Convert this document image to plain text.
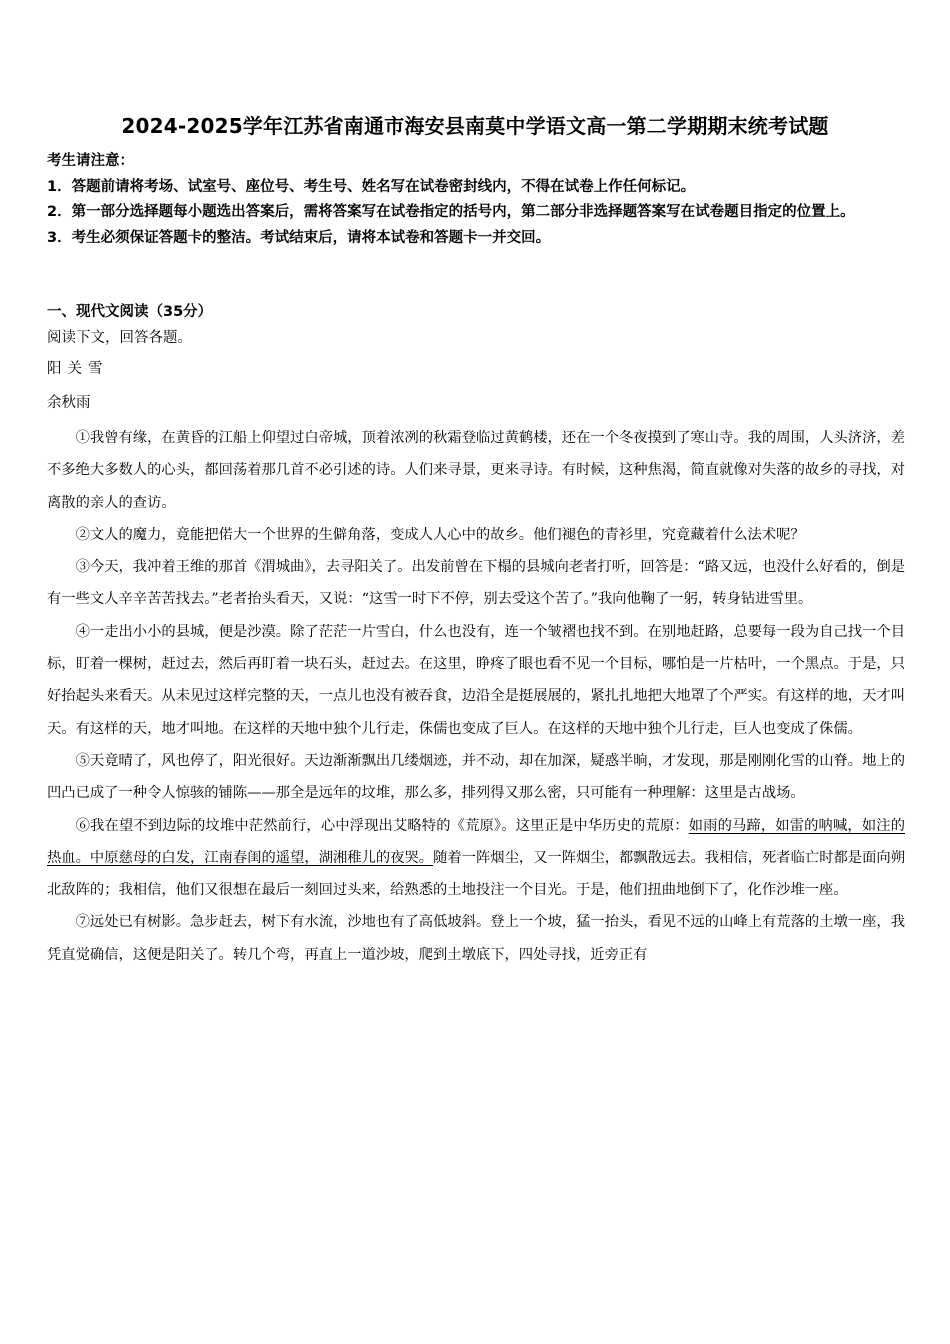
2024-2025学年江苏省南通市海安县南莫中学语文高一第二学期期末统考试题
考生请注意：
1．答题前请将考场、试室号、座位号、考生号、姓名写在试卷密封线内，不得在试卷上作任何标记。
2．第一部分选择题每小题选出答案后，需将答案写在试卷指定的括号内，第二部分非选择题答案写在试卷题目指定的位置上。
3．考生必须保证答题卡的整洁。考试结束后，请将本试卷和答题卡一并交回。
一、现代文阅读（35分）
阅读下文，回答各题。
阳关雪
余秋雨

①我曾有缘，在黄昏的江船上仰望过白帝城，顶着浓冽的秋霜登临过黄鹤楼，还在一个冬夜摸到了寒山寺。我的周围，人头济济，差不多绝大多数人的心头，都回荡着那几首不必引述的诗。人们来寻景，更来寻诗。有时候，这种焦渴，简直就像对失落的故乡的寻找，对离散的亲人的查访。

②文人的魔力，竟能把偌大一个世界的生僻角落，变成人人心中的故乡。他们褪色的青衫里，究竟藏着什么法术呢？

③今天，我冲着王维的那首《渭城曲》，去寻阳关了。出发前曾在下榻的县城向老者打听，回答是：“路又远，也没什么好看的，倒是有一些文人辛辛苦苦找去。”老者抬头看天，又说：“这雪一时下不停，别去受这个苦了。”我向他鞠了一躬，转身钻进雪里。

④一走出小小的县城，便是沙漠。除了茫茫一片雪白，什么也没有，连一个皱褶也找不到。在别地赶路，总要每一段为自己找一个目标，盯着一棵树，赶过去，然后再盯着一块石头，赶过去。在这里，睁疼了眼也看不见一个目标，哪怕是一片枯叶，一个黑点。于是，只好抬起头来看天。从未见过这样完整的天，一点儿也没有被吞食，边沿全是挺展展的，紧扎扎地把大地罩了个严实。有这样的地，天才叫天。有这样的天，地才叫地。在这样的天地中独个儿行走，侏儒也变成了巨人。在这样的天地中独个儿行走，巨人也变成了侏儒。

⑤天竟晴了，风也停了，阳光很好。天边渐渐飘出几缕烟迹，并不动，却在加深，疑惑半晌，才发现，那是刚刚化雪的山脊。地上的凹凸已成了一种令人惊骇的铺陈——那全是远年的坟堆，那么多，排列得又那么密，只可能有一种理解：这里是古战场。

⑥我在望不到边际的坟堆中茫然前行，心中浮现出艾略特的《荒原》。这里正是中华历史的荒原：如雨的马蹄，如雷的呐喊，如注的热血。中原慈母的白发，江南春闺的遥望，湖湘稚儿的夜哭。随着一阵烟尘，又一阵烟尘，都飘散远去。我相信，死者临亡时都是面向朔北敌阵的；我相信，他们又很想在最后一刻回过头来，给熟悉的土地投注一个目光。于是，他们扭曲地倒下了，化作沙堆一座。

⑦远处已有树影。急步赶去，树下有水流，沙地也有了高低坡斜。登上一个坡，猛一抬头，看见不远的山峰上有荒落的土墩一座，我凭直觉确信，这便是阳关了。转几个弯，再直上一道沙坡，爬到土墩底下，四处寻找，近旁正有
